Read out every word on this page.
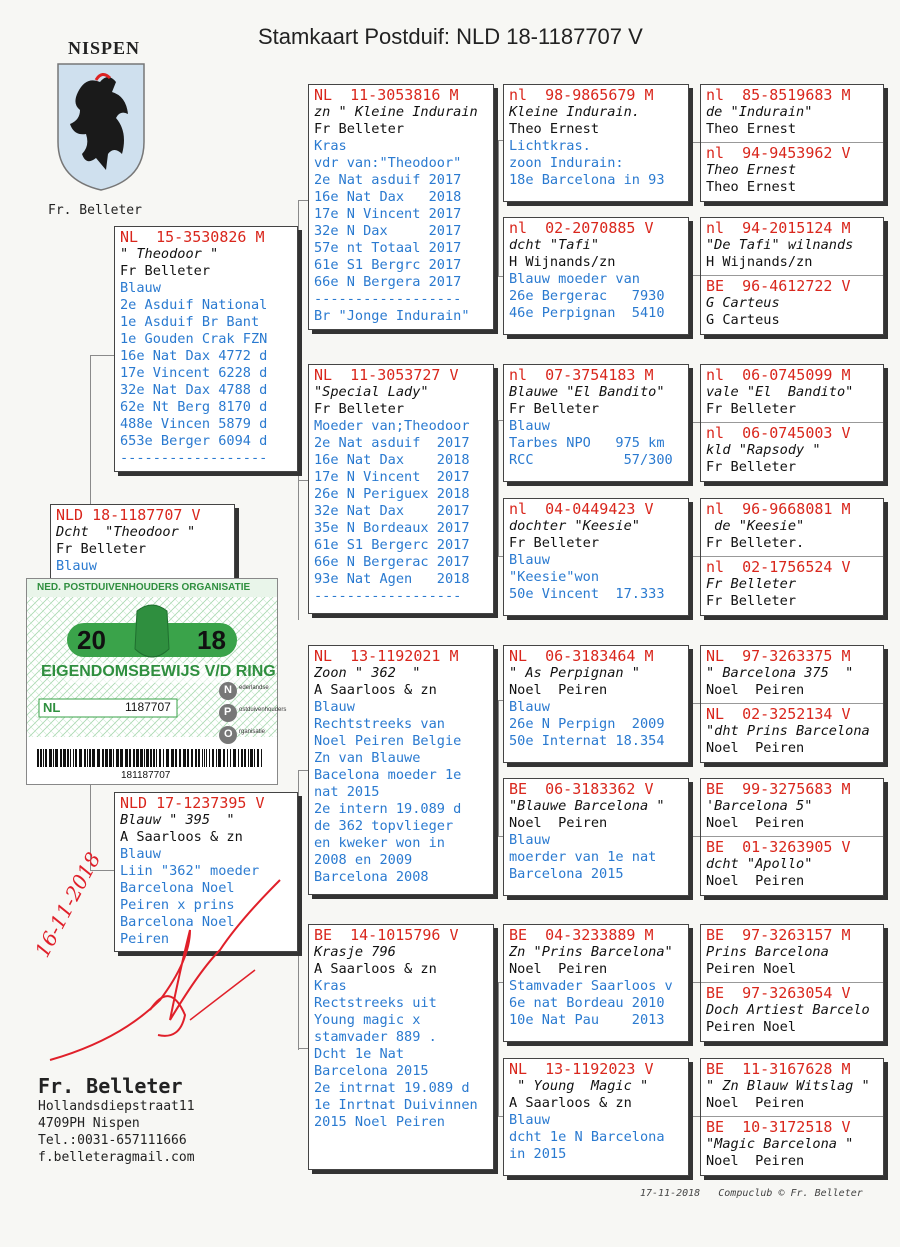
Stamkaart Postduif: NLD 18-1187707 V
NISPEN
Fr. Belleter
NLD 18-1187707 V
Dcht  "Theodoor "
Fr Belleter
Blauw
NL  15-3530826 M
" Theodoor "
Fr Belleter
Blauw
2e Asduif National
1e Asduif Br Bant
1e Gouden Crak FZN
16e Nat Dax 4772 d
17e Vincent 6228 d
32e Nat Dax 4788 d
62e Nt Berg 8170 d
488e Vincen 5879 d
653e Berger 6094 d
------------------
NLD 17-1237395 V
Blauw " 395  "
A Saarloos & zn
Blauw
Liin "362" moeder
Barcelona Noel
Peiren x prins
Barcelona Noel
Peiren
NL  11-3053816 M
zn " Kleine Indurain
Fr Belleter
Kras
vdr van:"Theodoor"
2e Nat asduif 2017
16e Nat Dax   2018
17e N Vincent 2017
32e N Dax     2017
57e nt Totaal 2017
61e S1 Bergrc 2017
66e N Bergera 2017
------------------
Br "Jonge Indurain"
NL  11-3053727 V
"Special Lady"
Fr Belleter
Moeder van;Theodoor
2e Nat asduif  2017
16e Nat Dax    2018
17e N Vincent  2017
26e N Periguex 2018
32e Nat Dax    2017
35e N Bordeaux 2017
61e S1 Bergerc 2017
66e N Bergerac 2017
93e Nat Agen   2018
------------------
NL  13-1192021 M
Zoon " 362  "
A Saarloos & zn
Blauw
Rechtstreeks van
Noel Peiren Belgie
Zn van Blauwe
Bacelona moeder 1e
nat 2015
2e intern 19.089 d
de 362 topvlieger
en kweker won in
2008 en 2009
Barcelona 2008
BE  14-1015796 V
Krasje 796
A Saarloos & zn
Kras
Rectstreeks uit
Young magic x
stamvader 889 .
Dcht 1e Nat
Barcelona 2015
2e intrnat 19.089 d
1e Inrtnat Duivinnen
2015 Noel Peiren
nl  98-9865679 M
Kleine Indurain.
Theo Ernest
Lichtkras.
zoon Indurain:
18e Barcelona in 93
nl  02-2070885 V
dcht "Tafi"
H Wijnands/zn
Blauw moeder van
26e Bergerac   7930
46e Perpignan  5410
nl  07-3754183 M
Blauwe "El Bandito"
Fr Belleter
Blauw
Tarbes NPO   975 km
RCC           57/300
nl  04-0449423 V
dochter "Keesie"
Fr Belleter
Blauw
"Keesie"won
50e Vincent  17.333
NL  06-3183464 M
" As Perpignan "
Noel  Peiren
Blauw
26e N Perpign  2009
50e Internat 18.354
BE  06-3183362 V
"Blauwe Barcelona "
Noel  Peiren
Blauw
moerder van 1e nat
Barcelona 2015
BE  04-3233889 M
Zn "Prins Barcelona"
Noel  Peiren
Stamvader Saarloos v
6e nat Bordeau 2010
10e Nat Pau    2013
NL  13-1192023 V
" Young  Magic "
A Saarloos & zn
Blauw
dcht 1e N Barcelona
in 2015
nl  85-8519683 M
de "Indurain"
Theo Ernest
nl  94-9453962 V
Theo Ernest
Theo Ernest
nl  94-2015124 M
"De Tafi" wilnands
H Wijnands/zn
BE  96-4612722 V
G Carteus
G Carteus
nl  06-0745099 M
vale "El  Bandito"
Fr Belleter
nl  06-0745003 V
kld "Rapsody "
Fr Belleter
nl  96-9668081 M
de "Keesie"
Fr Belleter.
nl  02-1756524 V
Fr Belleter
Fr Belleter
NL  97-3263375 M
" Barcelona 375  "
Noel  Peiren
NL  02-3252134 V
"dht Prins Barcelona
Noel  Peiren
BE  99-3275683 M
'Barcelona 5"
Noel  Peiren
BE  01-3263905 V
dcht "Apollo"
Noel  Peiren
BE  97-3263157 M
Prins Barcelona
Peiren Noel
BE  97-3263054 V
Doch Artiest Barcelo
Peiren Noel
BE  11-3167628 M
" Zn Blauw Witslag "
Noel  Peiren
BE  10-3172518 V
"Magic Barcelona "
Noel  Peiren
NED. POSTDUIVENHOUDERS ORGANISATIE
20	18
EIGENDOMSBEWIJS V/D RING
NL	1187707
N
P
O
ederlandse
ostduivenhouders
rganisatie
181187707
16-11-2018
Fr. Belleter
Hollandsdiepstraat11
4709PH Nispen
Tel.:0031-657111666
f.belleteragmail.com
17-11-2018   Compuclub © Fr. Belleter
